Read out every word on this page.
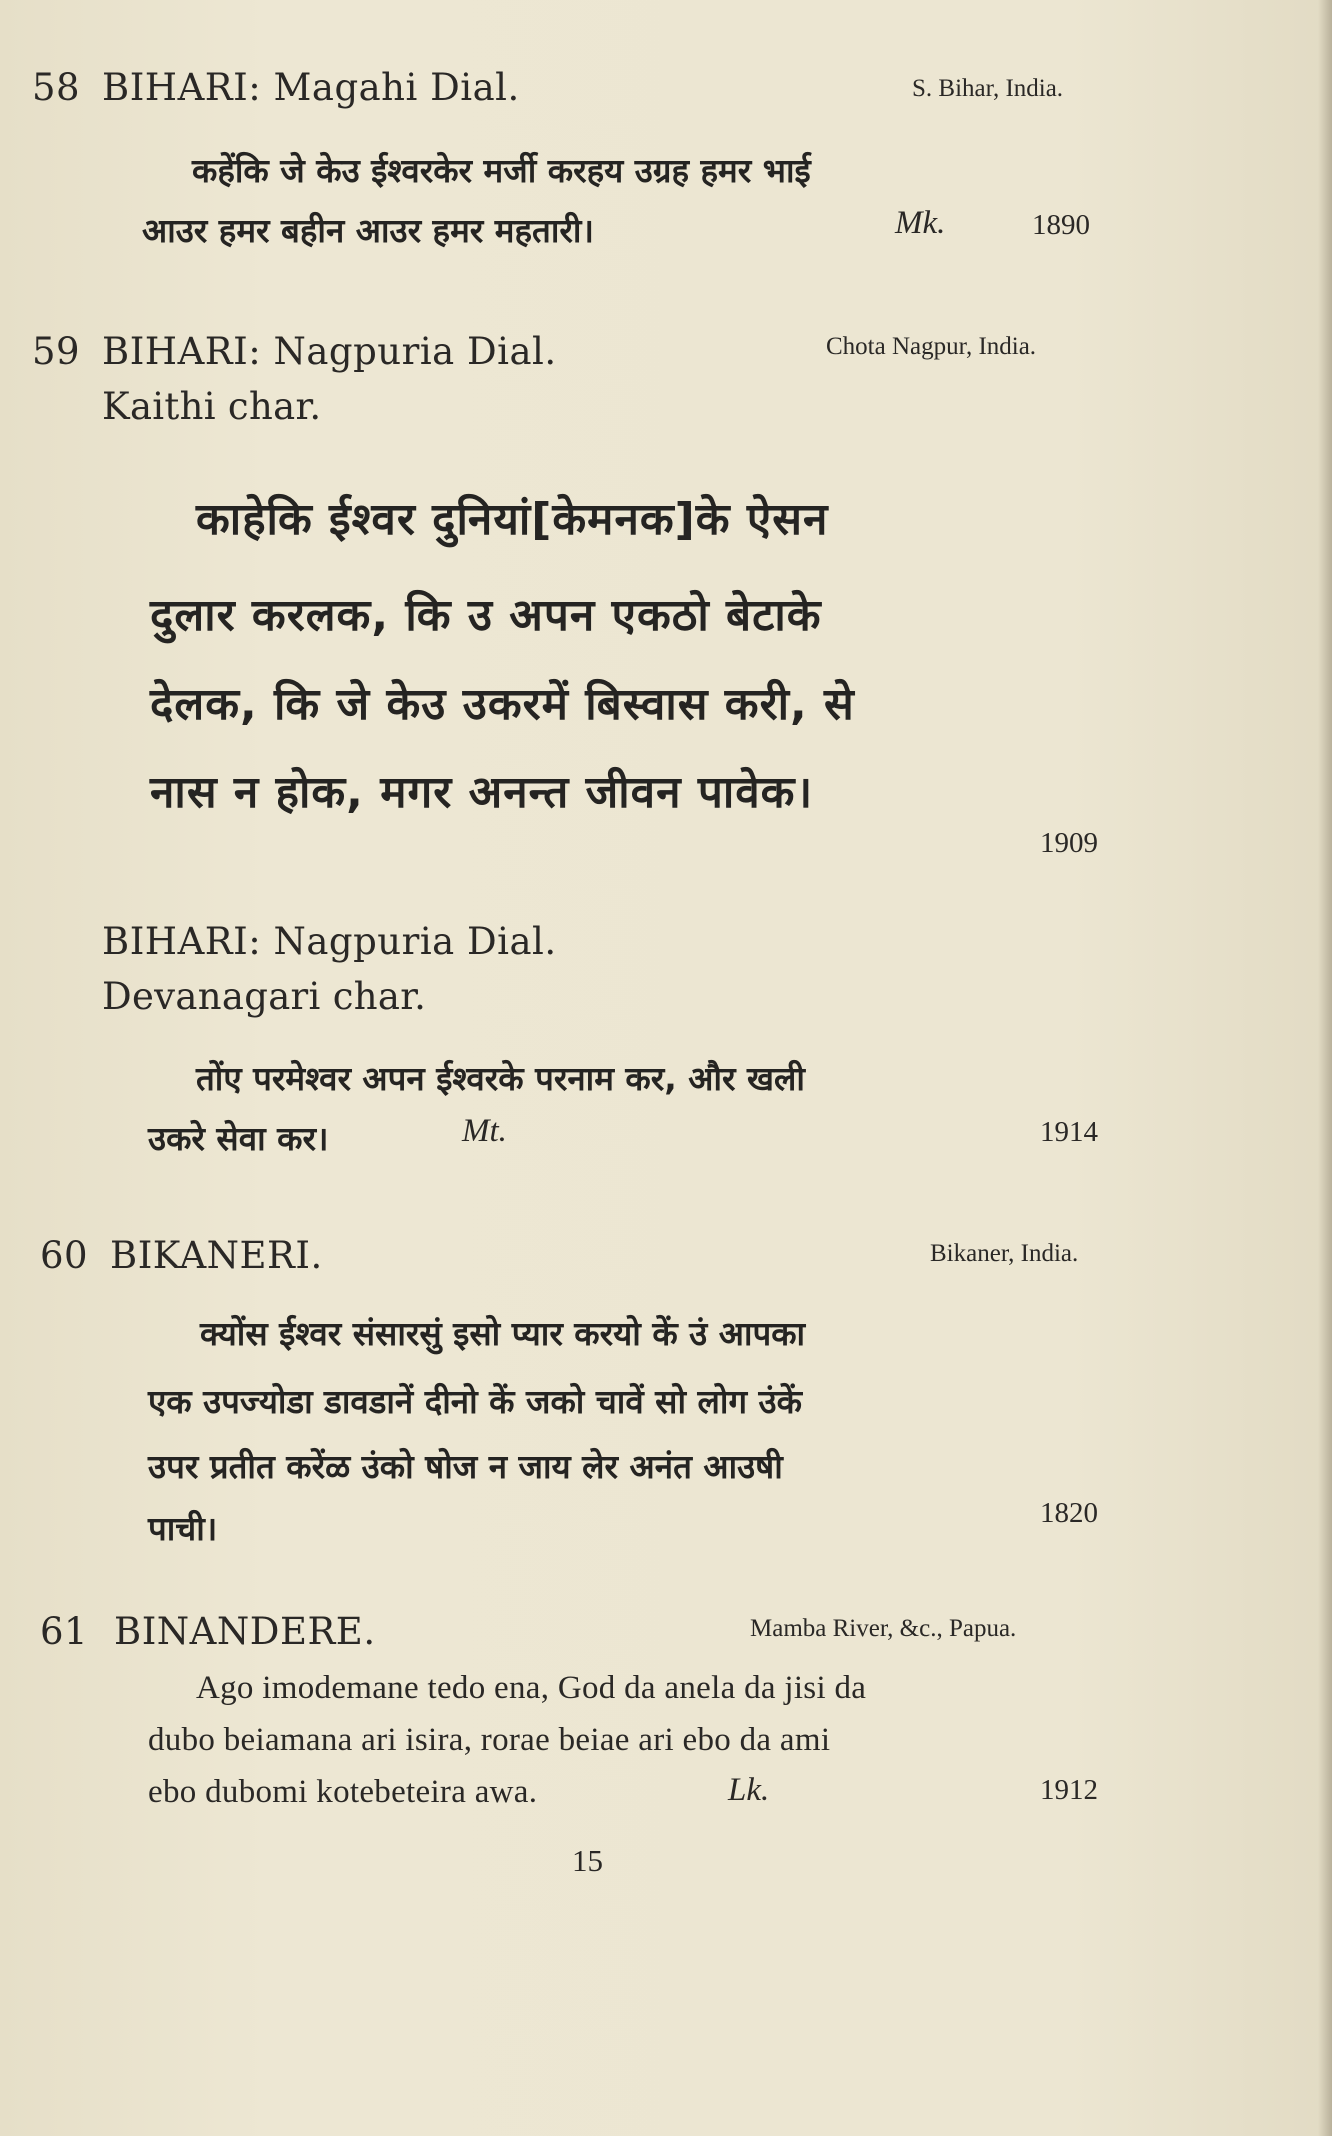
58 BIHARI: Magahi Dial.	S. Bihar, India.
कहेंकि जे केउ ईश्वरकेर मर्जी करहय उग्रह हमर भाई
आउर हमर बहीन आउर हमर महतारी।	Mk.	1890
59 BIHARI: Nagpuria Dial.	Chota Nagpur, India.
Kaithi char.
काहेकि ईश्वर दुनियां[केमनक]के ऐसन
दुलार करलक, कि उ अपन एकठो बेटाके
देलक, कि जे केउ उकरमें बिस्वास करी, से
नास न होक, मगर अनन्त जीवन पावेक।
1909
BIHARI: Nagpuria Dial.
Devanagari char.
तोंए परमेश्वर अपन ईश्वरके परनाम कर, और खली
उकरे सेवा कर।	Mt.	1914
60 BIKANERI.	Bikaner, India.
क्योंस ईश्वर संसारसुं इसो प्यार करयो कें उं आपका
एक उपज्योडा डावडानें दीनो कें जको चावें सो लोग उंकें
उपर प्रतीत करेंळ उंको षोज न जाय लेर अनंत आउषी
पाची।	1820
61 BINANDERE.	Mamba River, &c., Papua.
Ago imodemane tedo ena, God da anela da jisi da
dubo beiamana ari isira, rorae beiae ari ebo da ami
ebo dubomi kotebeteira awa.	Lk.	1912
15
